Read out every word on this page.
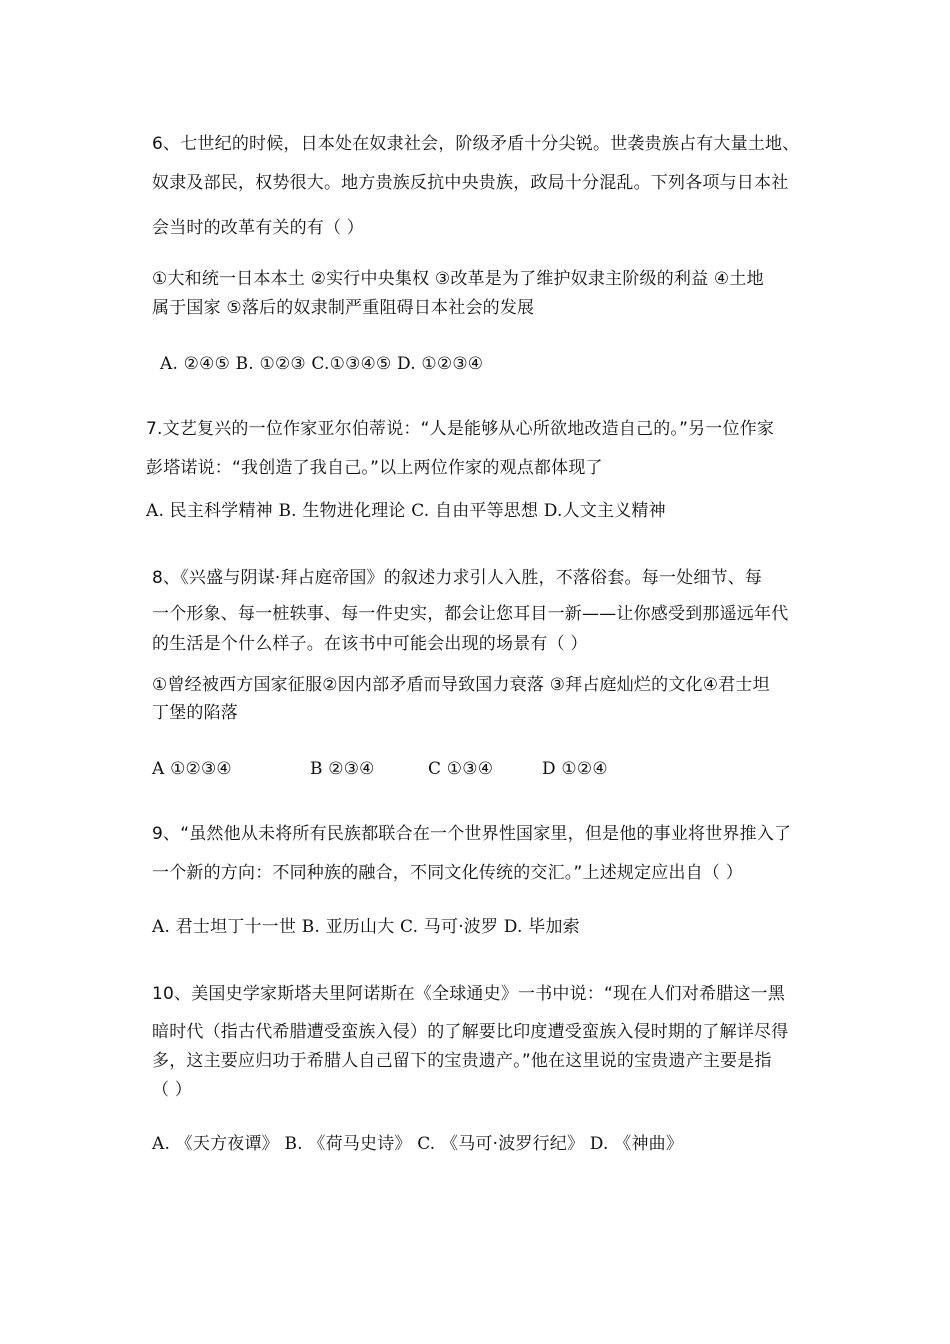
6、七世纪的时候，日本处在奴隶社会，阶级矛盾十分尖锐。世袭贵族占有大量土地、
奴隶及部民，权势很大。地方贵族反抗中央贵族，政局十分混乱。下列各项与日本社
会当时的改革有关的有（ ）
①大和统一日本本土 ②实行中央集权 ③改革是为了维护奴隶主阶级的利益 ④土地
属于国家 ⑤落后的奴隶制严重阻碍日本社会的发展
A. ②④⑤ B. ①②③ C.①③④⑤ D. ①②③④
7.文艺复兴的一位作家亚尔伯蒂说：“人是能够从心所欲地改造自己的。”另一位作家
彭塔诺说：“我创造了我自己。”以上两位作家的观点都体现了
A. 民主科学精神 B. 生物进化理论 C. 自由平等思想 D.人文主义精神
8、《兴盛与阴谋·拜占庭帝国》的叙述力求引人入胜，不落俗套。每一处细节、每
一个形象、每一桩轶事、每一件史实，都会让您耳目一新——让你感受到那遥远年代
的生活是个什么样子。在该书中可能会出现的场景有（ ）
①曾经被西方国家征服②因内部矛盾而导致国力衰落 ③拜占庭灿烂的文化④君士坦
丁堡的陷落
A ①②③④	B ②③④	C ①③④	D ①②④
9、“虽然他从未将所有民族都联合在一个世界性国家里，但是他的事业将世界推入了
一个新的方向：不同种族的融合，不同文化传统的交汇。”上述规定应出自（ ）
A. 君士坦丁十一世 B. 亚历山大 C. 马可·波罗 D. 毕加索
10、美国史学家斯塔夫里阿诺斯在《全球通史》一书中说：“现在人们对希腊这一黑
暗时代（指古代希腊遭受蛮族入侵）的了解要比印度遭受蛮族入侵时期的了解详尽得
多，这主要应归功于希腊人自己留下的宝贵遗产。”他在这里说的宝贵遗产主要是指
（ ）
A. 《天方夜谭》 B. 《荷马史诗》 C. 《马可·波罗行纪》 D. 《神曲》
